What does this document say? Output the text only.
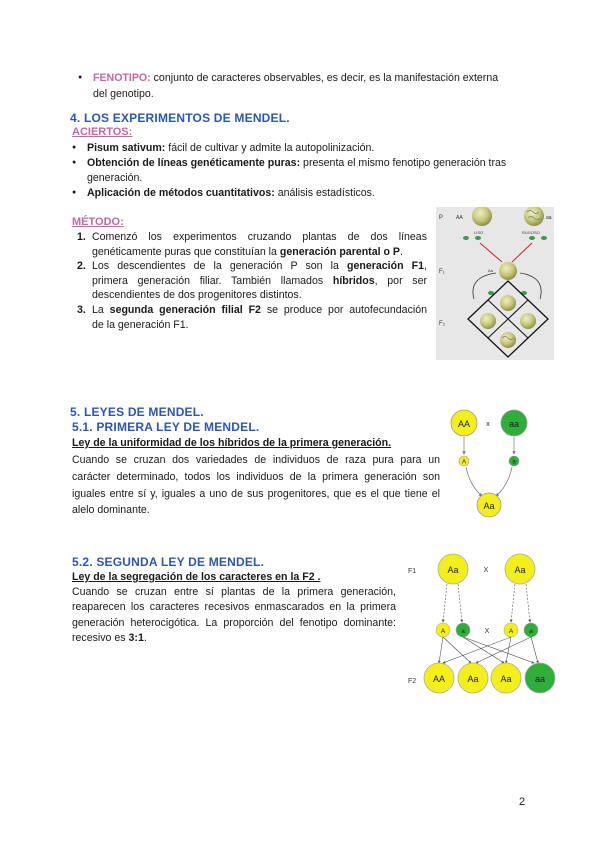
● FENOTIPO: conjunto de caracteres observables, es decir, es la manifestación externa
del genotipo.
4. LOS EXPERIMENTOS DE MENDEL.
ACIERTOS:
● Pisum sativum: fácil de cultivar y admite la autopolinización.
● Obtención de líneas genéticamente puras: presenta el mismo fenotipo generación tras
generación.
● Aplicación de métodos cuantitativos: análisis estadísticos.
MÉTODO:
1. Comenzó los experimentos cruzando plantas de dos líneas
genéticamente puras que constituían la generación parental o P.
2. Los descendientes de la generación P son la generación F1,
primera generación filiar. También llamados híbridos, por ser
descendientes de dos progenitores distintos.
3. La segunda generación filial F2 se produce por autofecundación
de la generación F1.
P	AA	aa
LISO	RUGOSO
F₁	Aa
F₂
5. LEYES DE MENDEL.
5.1. PRIMERA LEY DE MENDEL.
Ley de la uniformidad de los híbridos de la primera generación.
Cuando se cruzan dos variedades de individuos de raza pura para un
carácter determinado, todos los individuos de la primera generación son
iguales entre sí y, iguales a uno de sus progenitores, que es el que tiene el
alelo dominante.
AA x aa
A	a
Aa
5.2. SEGUNDA LEY DE MENDEL.
Ley de la segregación de los caracteres en la F2 .
Cuando se cruzan entre sí plantas de la primera generación,
reaparecen los caracteres recesivos enmascarados en la primera
generación heterocigótica. La proporción del fenotipo dominante:
recesivo es 3:1.
F1
F2
Aa	X	Aa
A a	X	A a
AA Aa Aa	aa
2
